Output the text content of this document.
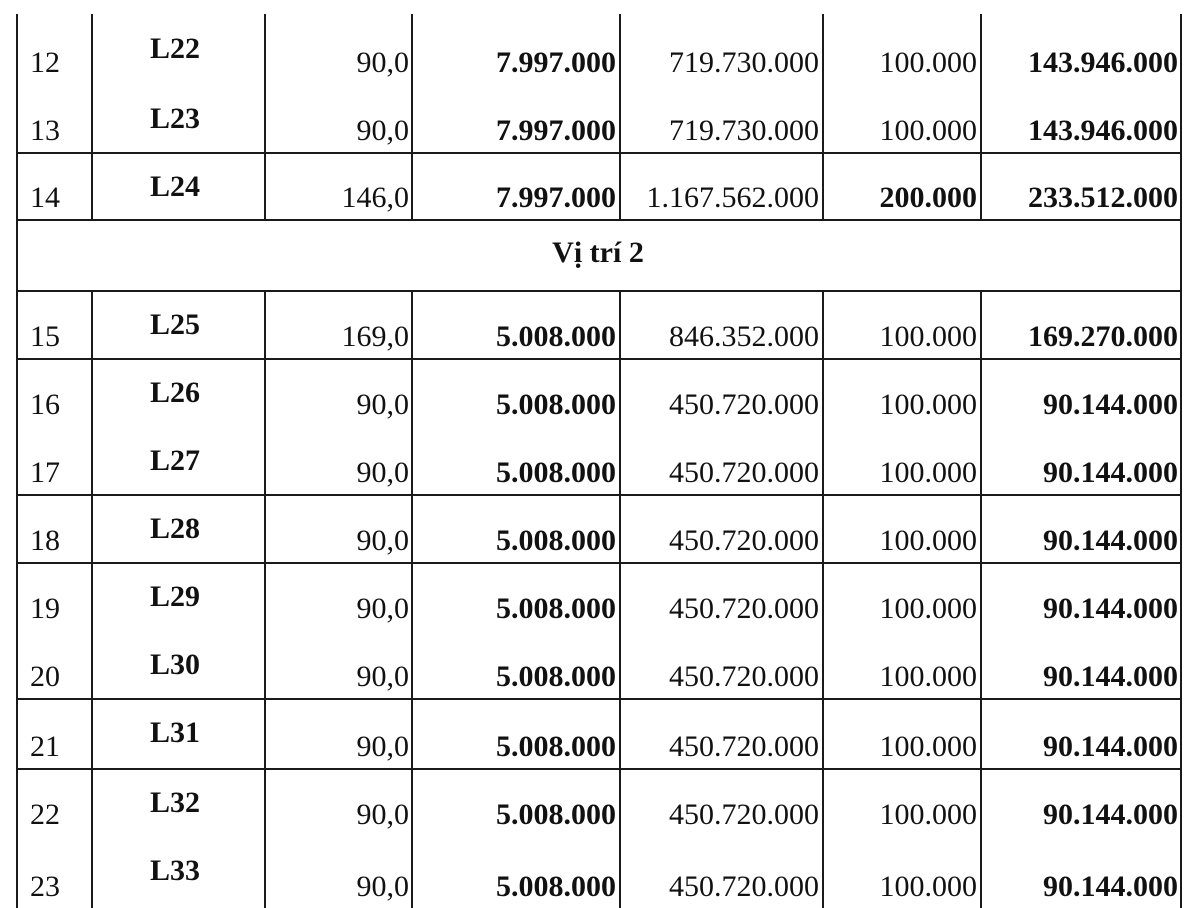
12	L22	90,0	7.997.000	719.730.000	100.000	143.946.000
13	L23	90,0	7.997.000	719.730.000	100.000	143.946.000
14	L24	146,0	7.997.000	1.167.562.000	200.000	233.512.000
Vị trí 2
15	L25	169,0	5.008.000	846.352.000	100.000	169.270.000
16	L26	90,0	5.008.000	450.720.000	100.000	90.144.000
17	L27	90,0	5.008.000	450.720.000	100.000	90.144.000
18	L28	90,0	5.008.000	450.720.000	100.000	90.144.000
19	L29	90,0	5.008.000	450.720.000	100.000	90.144.000
20	L30	90,0	5.008.000	450.720.000	100.000	90.144.000
21	L31	90,0	5.008.000	450.720.000	100.000	90.144.000
22	L32	90,0	5.008.000	450.720.000	100.000	90.144.000
23	L33	90,0	5.008.000	450.720.000	100.000	90.144.000
